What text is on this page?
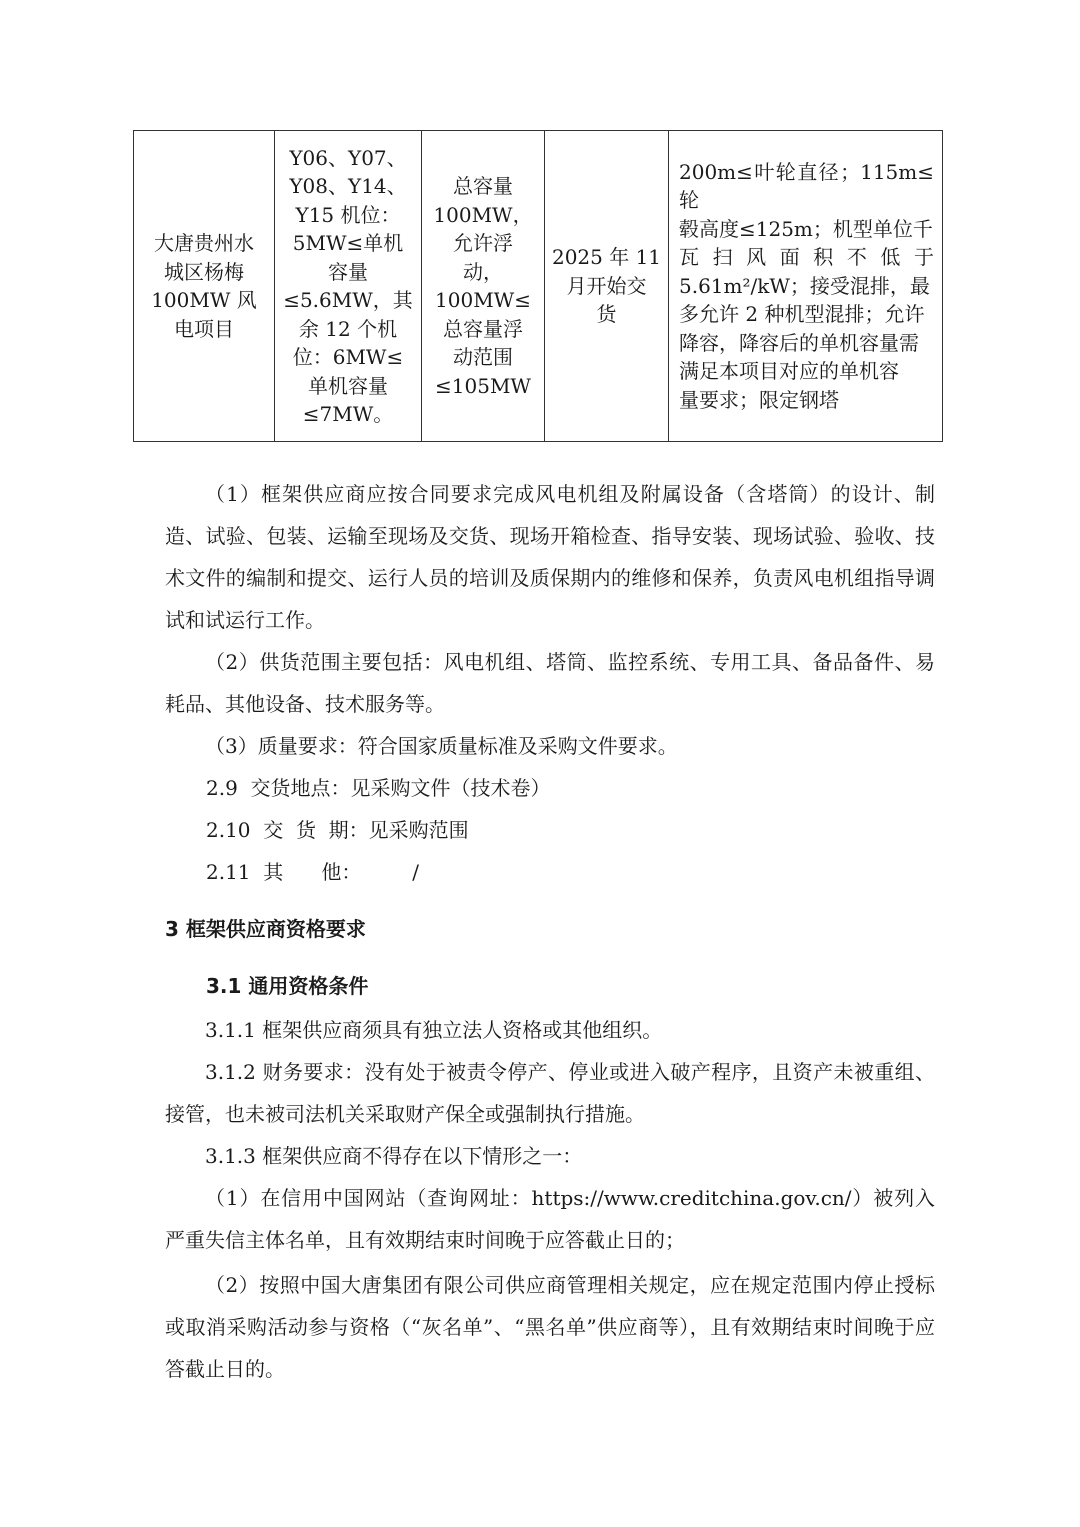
大唐贵州水
城区杨梅
100MW 风
电项目

Y06、Y07、
Y08、Y14、
Y15 机位：
5MW≤单机
容量
≤5.6MW，其
余 12 个机
位：6MW≤
单机容量
≤7MW。

总容量
100MW，
允许浮
动，
100MW≤
总容量浮
动范围
≤105MW

2025 年 11
月开始交
货

200m≤叶轮直径；115m≤轮
毂高度≤125m；机型单位千
瓦 扫 风 面 积 不 低 于
5.61m²/kW；接受混排，最
多允许 2 种机型混排；允许
降容，降容后的单机容量需
满足本项目对应的单机容
量要求；限定钢塔

（1）框架供应商应按合同要求完成风电机组及附属设备（含塔筒）的设计、制造、试验、包装、运输至现场及交货、现场开箱检查、指导安装、现场试验、验收、技术文件的编制和提交、运行人员的培训及质保期内的维修和保养，负责风电机组指导调试和试运行工作。

（2）供货范围主要包括：风电机组、塔筒、监控系统、专用工具、备品备件、易耗品、其他设备、技术服务等。

（3）质量要求：符合国家质量标准及采购文件要求。

2.9  交货地点：见采购文件（技术卷）

2.10  交  货  期：见采购范围

2.11  其      他：        /

3 框架供应商资格要求

3.1 通用资格条件

3.1.1 框架供应商须具有独立法人资格或其他组织。

3.1.2 财务要求：没有处于被责令停产、停业或进入破产程序，且资产未被重组、接管，也未被司法机关采取财产保全或强制执行措施。

3.1.3 框架供应商不得存在以下情形之一：

（1）在信用中国网站（查询网址：https://www.creditchina.gov.cn/）被列入严重失信主体名单，且有效期结束时间晚于应答截止日的；

（2）按照中国大唐集团有限公司供应商管理相关规定，应在规定范围内停止授标或取消采购活动参与资格（“灰名单”、“黑名单”供应商等），且有效期结束时间晚于应答截止日的。
